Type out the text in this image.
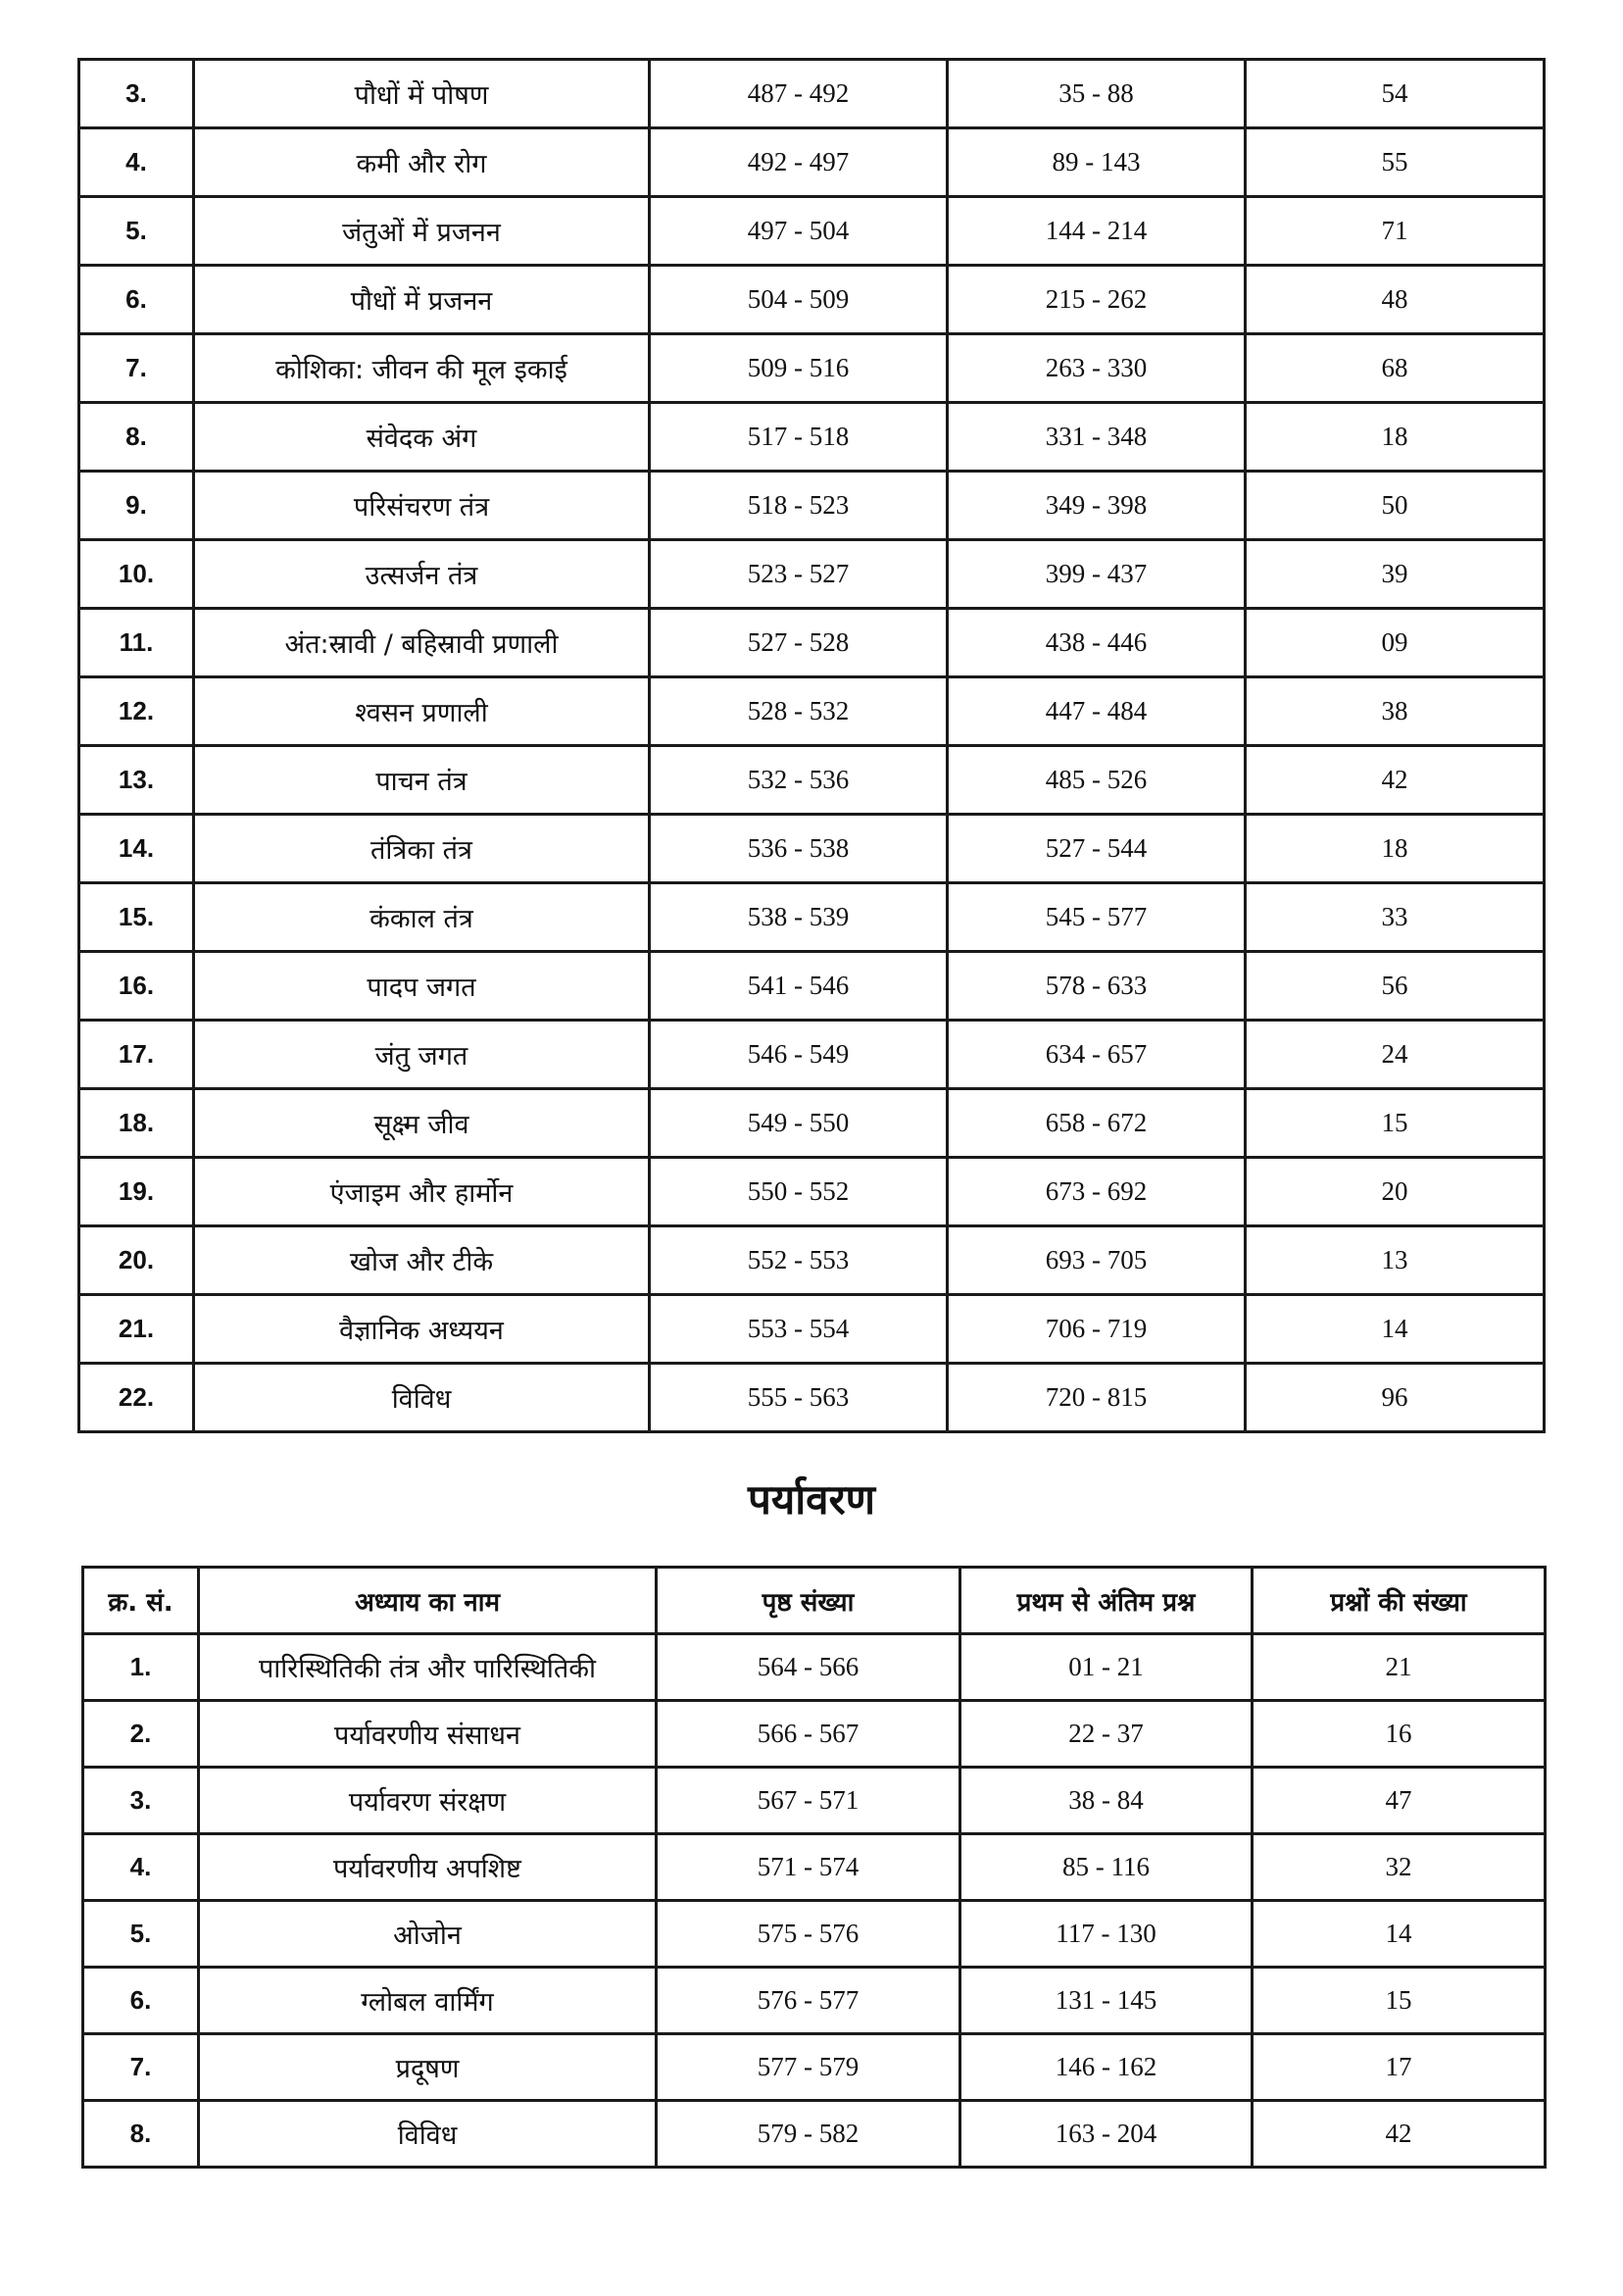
3.	पौधों में पोषण	487 - 492	35 - 88	54
4.	कमी और रोग	492 - 497	89 - 143	55
5.	जंतुओं में प्रजनन	497 - 504	144 - 214	71
6.	पौधों में प्रजनन	504 - 509	215 - 262	48
7.	कोशिका: जीवन की मूल इकाई	509 - 516	263 - 330	68
8.	संवेदक अंग	517 - 518	331 - 348	18
9.	परिसंचरण तंत्र	518 - 523	349 - 398	50
10.	उत्सर्जन तंत्र	523 - 527	399 - 437	39
11.	अंत:स्रावी / बहिस्रावी प्रणाली	527 - 528	438 - 446	09
12.	श्वसन प्रणाली	528 - 532	447 - 484	38
13.	पाचन तंत्र	532 - 536	485 - 526	42
14.	तंत्रिका तंत्र	536 - 538	527 - 544	18
15.	कंकाल तंत्र	538 - 539	545 - 577	33
16.	पादप जगत	541 - 546	578 - 633	56
17.	जंतु जगत	546 - 549	634 - 657	24
18.	सूक्ष्म जीव	549 - 550	658 - 672	15
19.	एंजाइम और हार्मोन	550 - 552	673 - 692	20
20.	खोज और टीके	552 - 553	693 - 705	13
21.	वैज्ञानिक अध्ययन	553 - 554	706 - 719	14
22.	विविध	555 - 563	720 - 815	96
पर्यावरण
क्र. सं.	अध्याय का नाम	पृष्ठ संख्या	प्रथम से अंतिम प्रश्न	प्रश्नों की संख्या
1.	पारिस्थितिकी तंत्र और पारिस्थितिकी	564 - 566	01 - 21	21
2.	पर्यावरणीय संसाधन	566 - 567	22 - 37	16
3.	पर्यावरण संरक्षण	567 - 571	38 - 84	47
4.	पर्यावरणीय अपशिष्ट	571 - 574	85 - 116	32
5.	ओजोन	575 - 576	117 - 130	14
6.	ग्लोबल वार्मिंग	576 - 577	131 - 145	15
7.	प्रदूषण	577 - 579	146 - 162	17
8.	विविध	579 - 582	163 - 204	42
